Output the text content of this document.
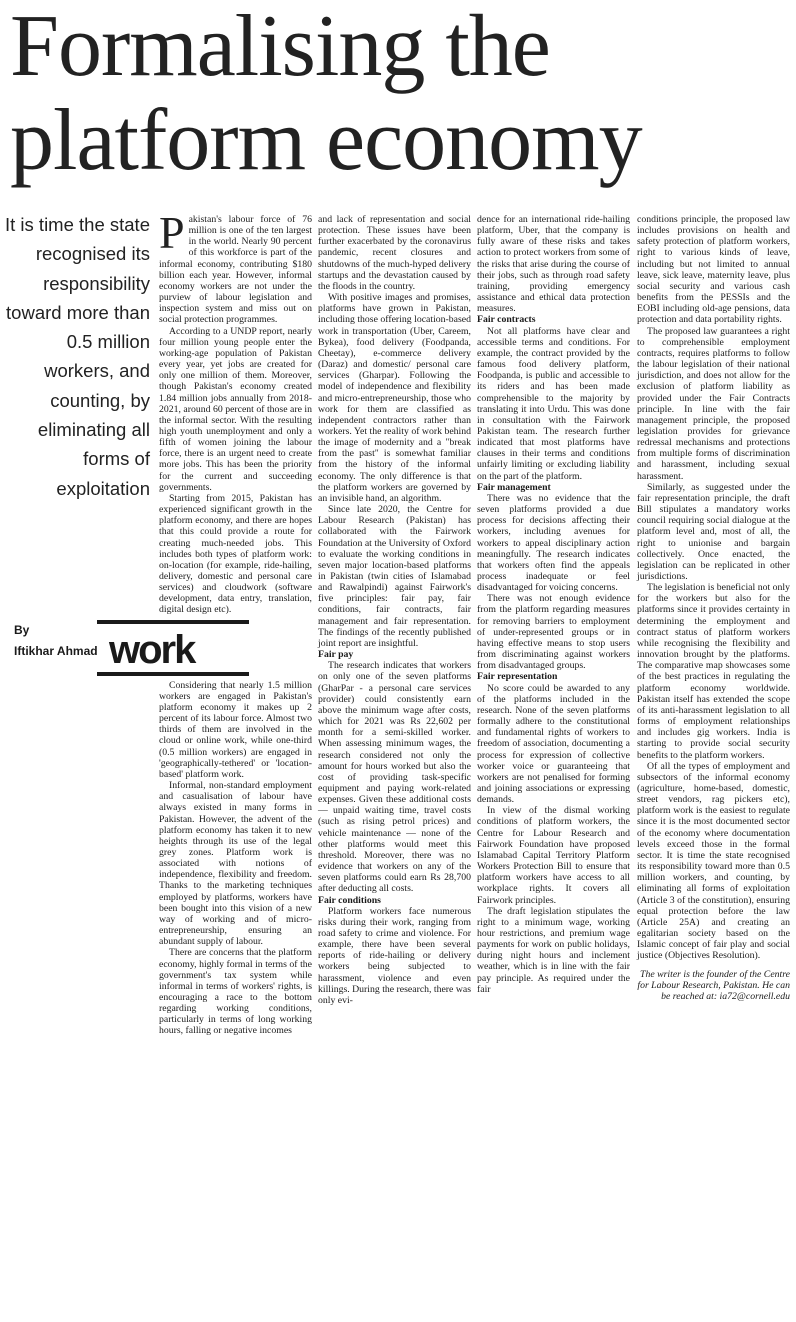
Formalising the platform economy
It is time the state recognised its responsibility toward more than 0.5 million workers, and counting, by eliminating all forms of exploitation
By
Iftikhar Ahmad

Pakistan's labour force of 76 million is one of the ten largest in the world. Nearly 90 percent of this workforce is part of the informal economy, contributing $180 billion each year. However, informal economy workers are not under the purview of labour legislation and inspection system and miss out on social protection programmes.

According to a UNDP report, nearly four million young people enter the working-age population of Pakistan every year, yet jobs are created for only one million of them. Moreover, though Pakistan's economy created 1.84 million jobs annually from 2018-2021, around 60 percent of those are in the informal sector. With the resulting high youth unemployment and only a fifth of women joining the labour force, there is an urgent need to create more jobs. This has been the priority for the current and succeeding governments.

Starting from 2015, Pakistan has experienced significant growth in the platform economy, and there are hopes that this could provide a route for creating much-needed jobs. This includes both types of platform work: on-location (for example, ride-hailing, delivery, domestic and personal care services) and cloudwork (software development, data entry, translation, digital design etc).

work
Considering that nearly 1.5 million workers are engaged in Pakistan's platform economy it makes up 2 percent of its labour force. Almost two thirds of them are involved in the cloud or online work, while one-third (0.5 million workers) are engaged in 'geographically-tethered' or 'location-based' platform work.

Informal, non-standard employment and casualisation of labour have always existed in many forms in Pakistan. However, the advent of the platform economy has taken it to new heights through its use of the legal grey zones. Platform work is associated with notions of independence, flexibility and freedom. Thanks to the marketing techniques employed by platforms, workers have been bought into this vision of a new way of working and of micro-entrepreneurship, ensuring an abundant supply of labour.

There are concerns that the platform economy, highly formal in terms of the government's tax system while informal in terms of workers' rights, is encouraging a race to the bottom regarding working conditions, particularly in terms of long working hours, falling or negative incomes

and lack of representation and social protection. These issues have been further exacerbated by the coronavirus pandemic, recent closures and shutdowns of the much-hyped delivery startups and the devastation caused by the floods in the country.

With positive images and promises, platforms have grown in Pakistan, including those offering location-based work in transportation (Uber, Careem, Bykea), food delivery (Foodpanda, Cheetay), e-commerce delivery (Daraz) and domestic/ personal care services (Gharpar). Following the model of independence and flexibility and micro-entrepreneurship, those who work for them are classified as independent contractors rather than workers. Yet the reality of work behind the image of modernity and a "break from the past" is somewhat familiar from the history of the informal economy. The only difference is that the platform workers are governed by an invisible hand, an algorithm.

Since late 2020, the Centre for Labour Research (Pakistan) has collaborated with the Fairwork Foundation at the University of Oxford to evaluate the working conditions in seven major location-based platforms in Pakistan (twin cities of Islamabad and Rawalpindi) against Fairwork's five principles: fair pay, fair conditions, fair contracts, fair management and fair representation. The findings of the recently published joint report are insightful.

Fair pay

The research indicates that workers on only one of the seven platforms (GharPar - a personal care services provider) could consistently earn above the minimum wage after costs, which for 2021 was Rs 22,602 per month for a semi-skilled worker. When assessing minimum wages, the research considered not only the amount for hours worked but also the cost of providing task-specific equipment and paying work-related expenses. Given these additional costs — unpaid waiting time, travel costs (such as rising petrol prices) and vehicle maintenance — none of the other platforms would meet this threshold. Moreover, there was no evidence that workers on any of the seven platforms could earn Rs 28,700 after deducting all costs.

Fair conditions

Platform workers face numerous risks during their work, ranging from road safety to crime and violence. For example, there have been several reports of ride-hailing or delivery workers being subjected to harassment, violence and even killings. During the research, there was only evi-

dence for an international ride-hailing platform, Uber, that the company is fully aware of these risks and takes action to protect workers from some of the risks that arise during the course of their jobs, such as through road safety training, providing emergency assistance and ethical data protection measures.

Fair contracts

Not all platforms have clear and accessible terms and conditions. For example, the contract provided by the famous food delivery platform, Foodpanda, is public and accessible to its riders and has been made comprehensible to the majority by translating it into Urdu. This was done in consultation with the Fairwork Pakistan team. The research further indicated that most platforms have clauses in their terms and conditions unfairly limiting or excluding liability on the part of the platform.

Fair management

There was no evidence that the seven platforms provided a due process for decisions affecting their workers, including avenues for workers to appeal disciplinary action meaningfully. The research indicates that workers often find the appeals process inadequate or feel disadvantaged for voicing concerns.

There was not enough evidence from the platform regarding measures for removing barriers to employment of under-represented groups or in having effective means to stop users from discriminating against workers from disadvantaged groups.

Fair representation

No score could be awarded to any of the platforms included in the research. None of the seven platforms formally adhere to the constitutional and fundamental rights of workers to freedom of association, documenting a process for expression of collective worker voice or guaranteeing that workers are not penalised for forming and joining associations or expressing demands.

In view of the dismal working conditions of platform workers, the Centre for Labour Research and Fairwork Foundation have proposed Islamabad Capital Territory Platform Workers Protection Bill to ensure that platform workers have access to all workplace rights. It covers all Fairwork principles.

The draft legislation stipulates the right to a minimum wage, working hour restrictions, and premium wage payments for work on public holidays, during night hours and inclement weather, which is in line with the fair pay principle. As required under the fair

conditions principle, the proposed law includes provisions on health and safety protection of platform workers, right to various kinds of leave, including but not limited to annual leave, sick leave, maternity leave, plus social security and various cash benefits from the PESSIs and the EOBI including old-age pensions, data protection and data portability rights.

The proposed law guarantees a right to comprehensible employment contracts, requires platforms to follow the labour legislation of their national jurisdiction, and does not allow for the exclusion of platform liability as provided under the Fair Contracts principle. In line with the fair management principle, the proposed legislation provides for grievance redressal mechanisms and protections from multiple forms of discrimination and harassment, including sexual harassment.

Similarly, as suggested under the fair representation principle, the draft Bill stipulates a mandatory works council requiring social dialogue at the platform level and, most of all, the right to unionise and bargain collectively. Once enacted, the legislation can be replicated in other jurisdictions.

The legislation is beneficial not only for the workers but also for the platforms since it provides certainty in determining the employment and contract status of platform workers while recognising the flexibility and innovation brought by the platforms. The comparative map showcases some of the best practices in regulating the platform economy worldwide. Pakistan itself has extended the scope of its anti-harassment legislation to all forms of employment relationships and includes gig workers. India is starting to provide social security benefits to the platform workers.

Of all the types of employment and subsectors of the informal economy (agriculture, home-based, domestic, street vendors, rag pickers etc), platform work is the easiest to regulate since it is the most documented sector of the economy where documentation levels exceed those in the formal sector. It is time the state recognised its responsibility toward more than 0.5 million workers, and counting, by eliminating all forms of exploitation (Article 3 of the constitution), ensuring equal protection before the law (Article 25A) and creating an egalitarian society based on the Islamic concept of fair play and social justice (Objectives Resolution).

The writer is the founder of the Centre for Labour Research, Pakistan. He can be reached at: ia72@cornell.edu
